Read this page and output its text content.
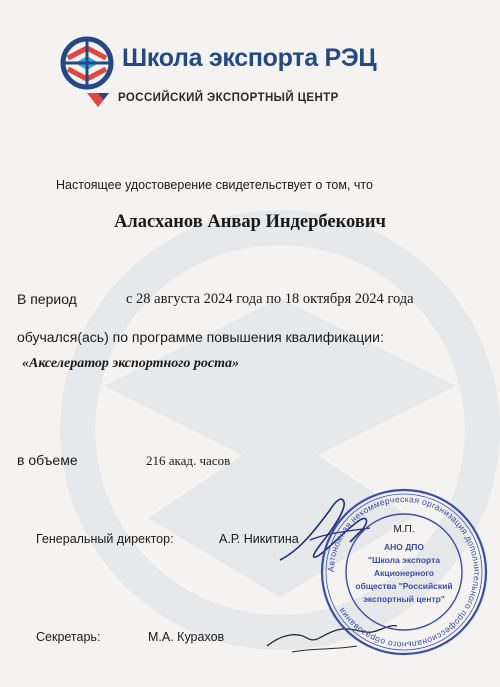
Школа экспорта РЭЦ
РОССИЙСКИЙ ЭКСПОРТНЫЙ ЦЕНТР
Настоящее удостоверение свидетельствует о том, что
Аласханов Анвар Индербекович
В период	с 28 августа 2024 года по 18 октября 2024 года
обучался(ась) по программе повышения квалификации:
«Акселератор экспортного роста»
в объеме	216 акад. часов
Генеральный директор:	А.Р. Никитина
Секретарь:	М.А. Курахов
Автономная некоммерческая организация дополнительного профессионального образования
М.П.
АНО ДПО
"Школа экспорта
Акционерного
общества "Российский
экспортный центр"
